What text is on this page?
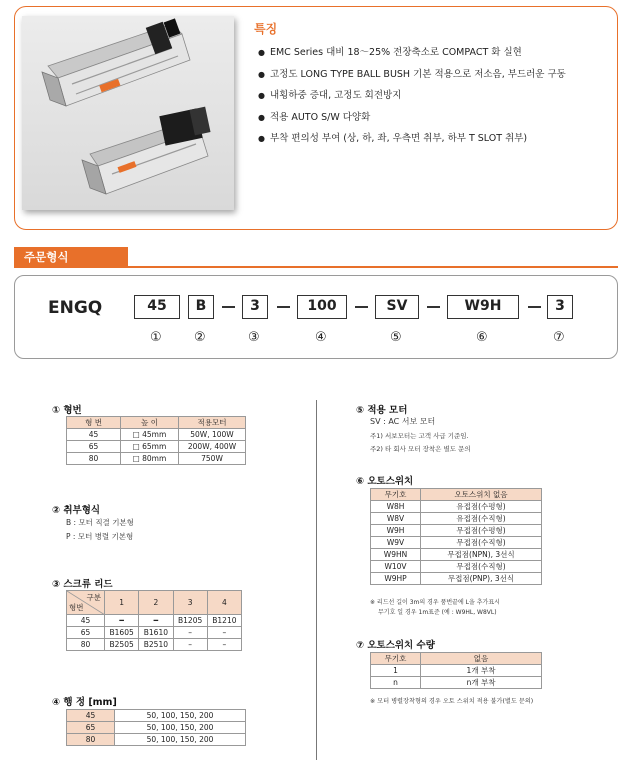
특징
● EMC Series 대비 18～25% 전장축소로 COMPACT 화 실현
● 고정도 LONG TYPE BALL BUSH 기본 적용으로 저소음, 부드러운 구동
● 내횡하중 증대, 고정도 회전방지
● 적용 AUTO S/W 다양화
● 부착 편의성 부여 (상, 하, 좌, 우측면 취부, 하부 T SLOT 취부)
주문형식
ENGQ	45	B	3	100	SV	W9H	3
① ②	③	④	⑤	⑥	⑦
① 형번
형 번	높 이	적용모터
45	□ 45mm	50W, 100W
65	□ 65mm	200W, 400W
80	□ 80mm	750W
② 취부형식
B : 모터 직결 기본형
P : 모터 병렬 기본형
③ 스크류 리드
구분
형번	1	2	3	4
45	━	━	B1205	B1210
65	B1605	B1610	–	–
80	B2505	B2510	–	–
④ 행 정 [mm]
45	50, 100, 150, 200
65	50, 100, 150, 200
80	50, 100, 150, 200
⑤ 적용 모터
SV : AC 서보 모터
주1) 서보모터는 고객 사급 기준임.
주2) 타 회사 모터 장착은 별도 문의
⑥ 오토스위치
무기호	오토스위치 없음
W8H	유접점(수평형)
W8V	유접점(수직형)
W9H	무접점(수평형)
W9V	무접점(수직형)
W9HN	무접점(NPN), 3선식
W10V	무접점(수직형)
W9HP	무접점(PNP), 3선식
※ 리드선 길이 3m의 경우 품번끝에 L을 추가표시
무기호 일 경우 1m표준 (예 : W9HL, W8VL)
⑦ 오토스위치 수량
무기호	없음
1	1개 부착
n	n개 부착
※ 모터 병렬장착형의 경우 오토 스위치 적용 불가(별도 문의)
